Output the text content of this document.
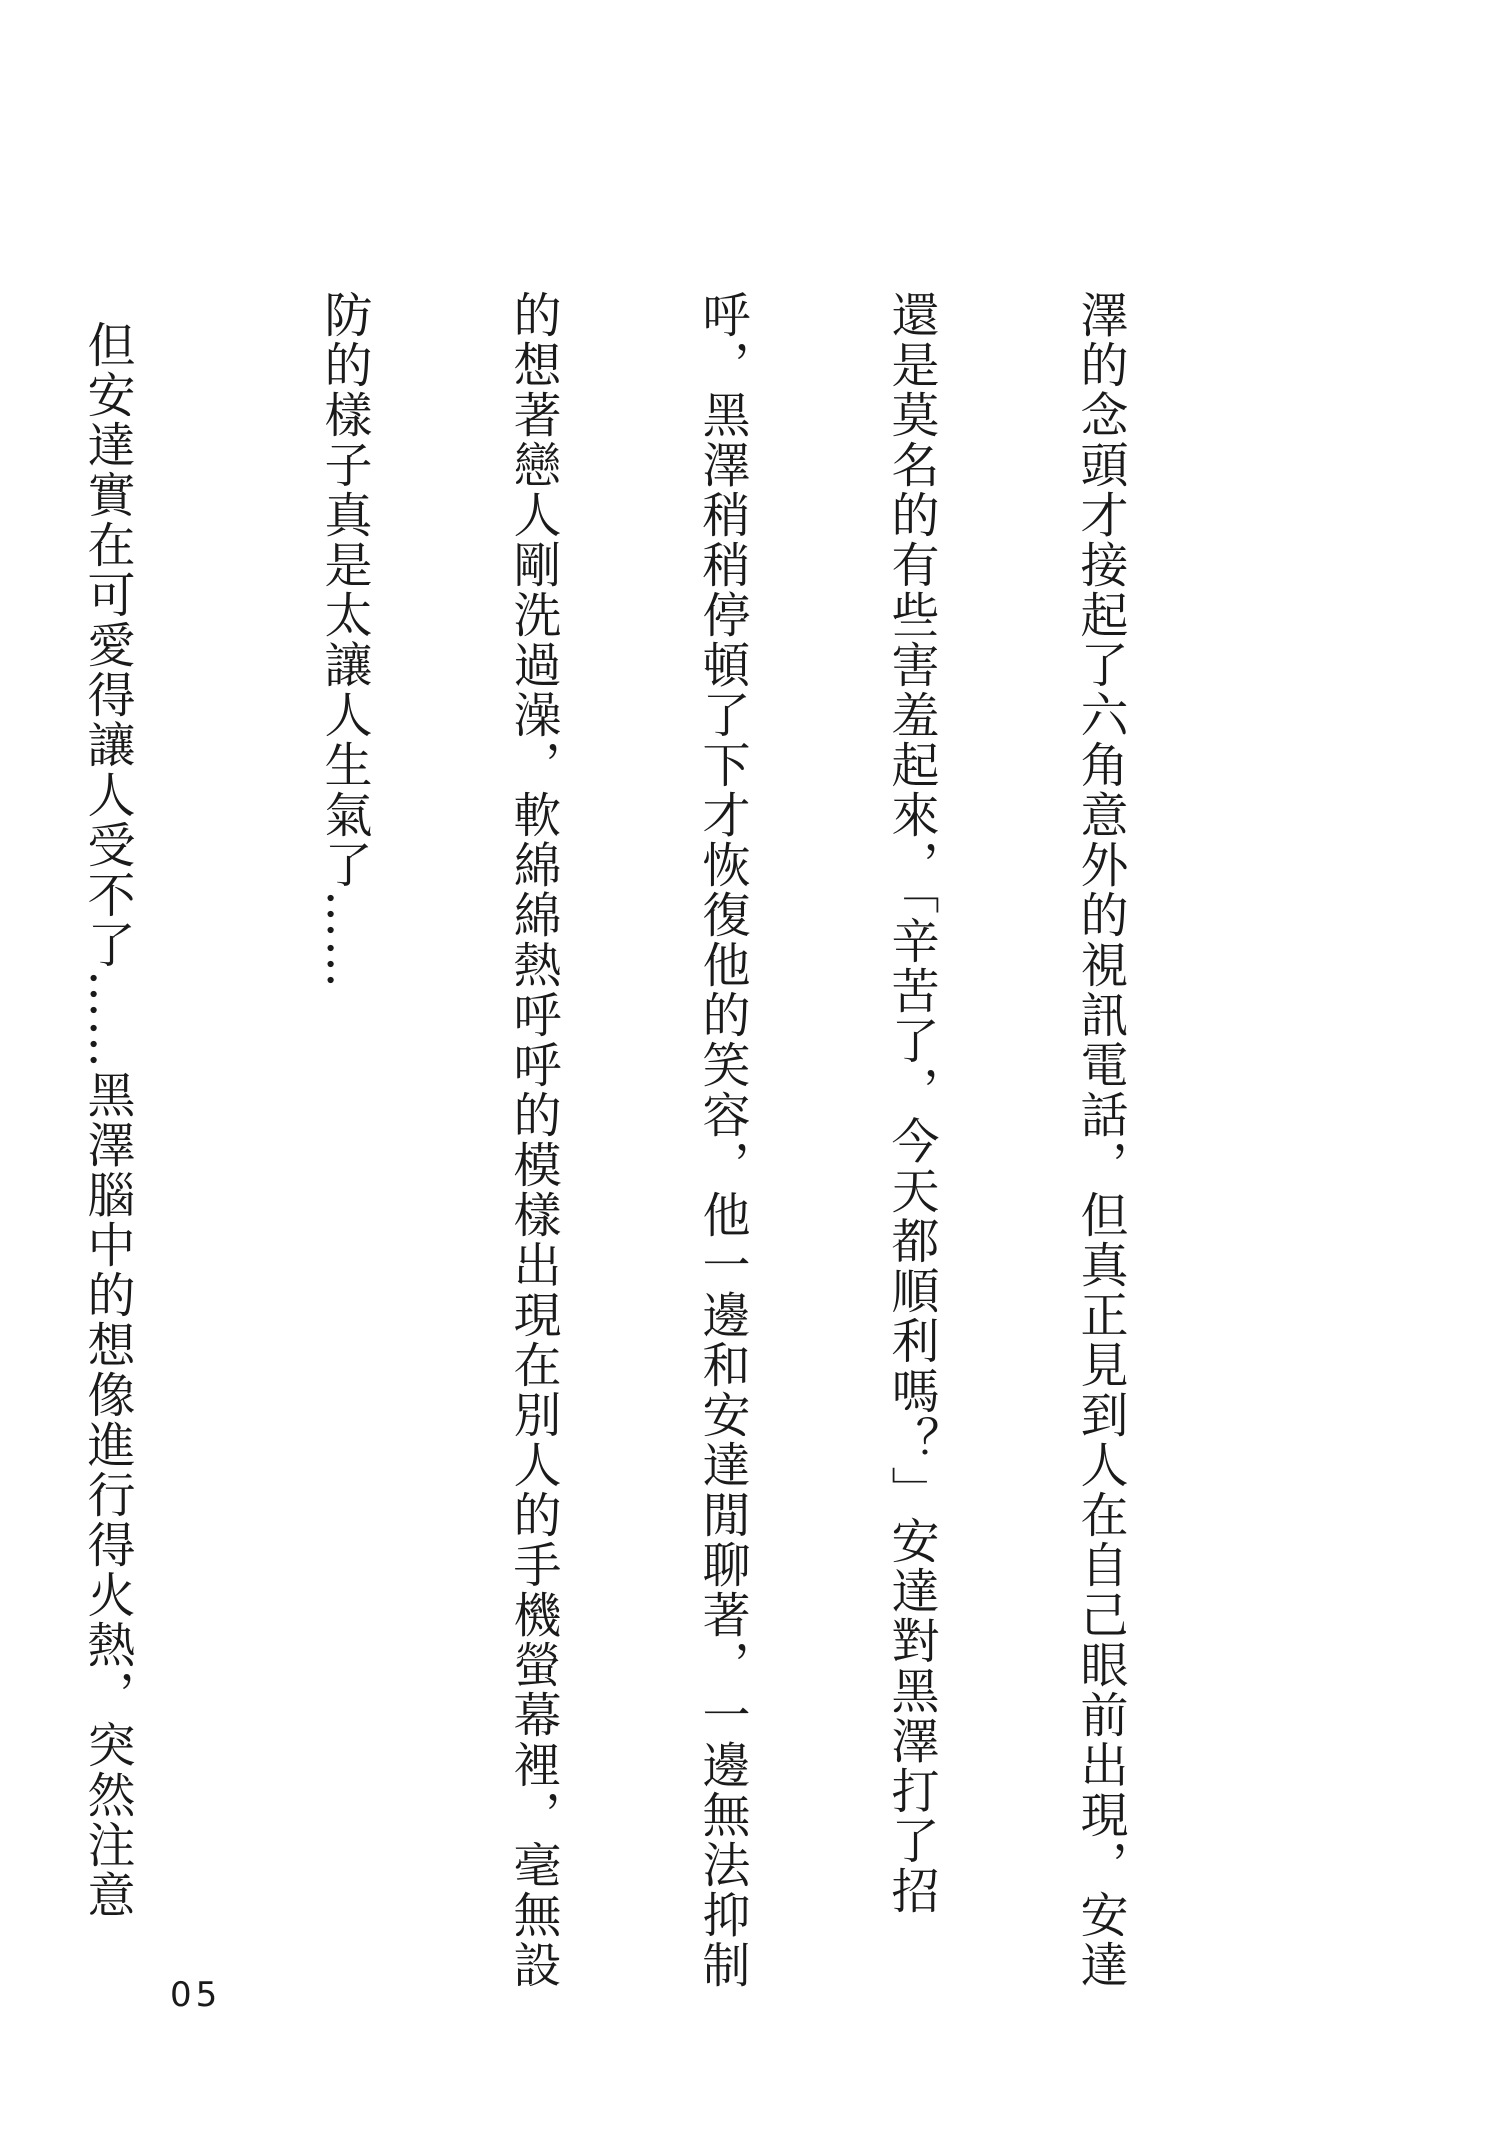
澤的念頭才接起了六角意外的視訊電話，但真正見到人在自己眼前出現，安達

還是莫名的有些害羞起來，「辛苦了，今天都順利嗎？」安達對黑澤打了招

呼，黑澤稍稍停頓了下才恢復他的笑容，他一邊和安達閒聊著，一邊無法抑制

的想著戀人剛洗過澡，軟綿綿熱呼呼的模樣出現在別人的手機螢幕裡，毫無設

防的樣子真是太讓人生氣了……

但安達實在可愛得讓人受不了……黑澤腦中的想像進行得火熱，突然注意

05
